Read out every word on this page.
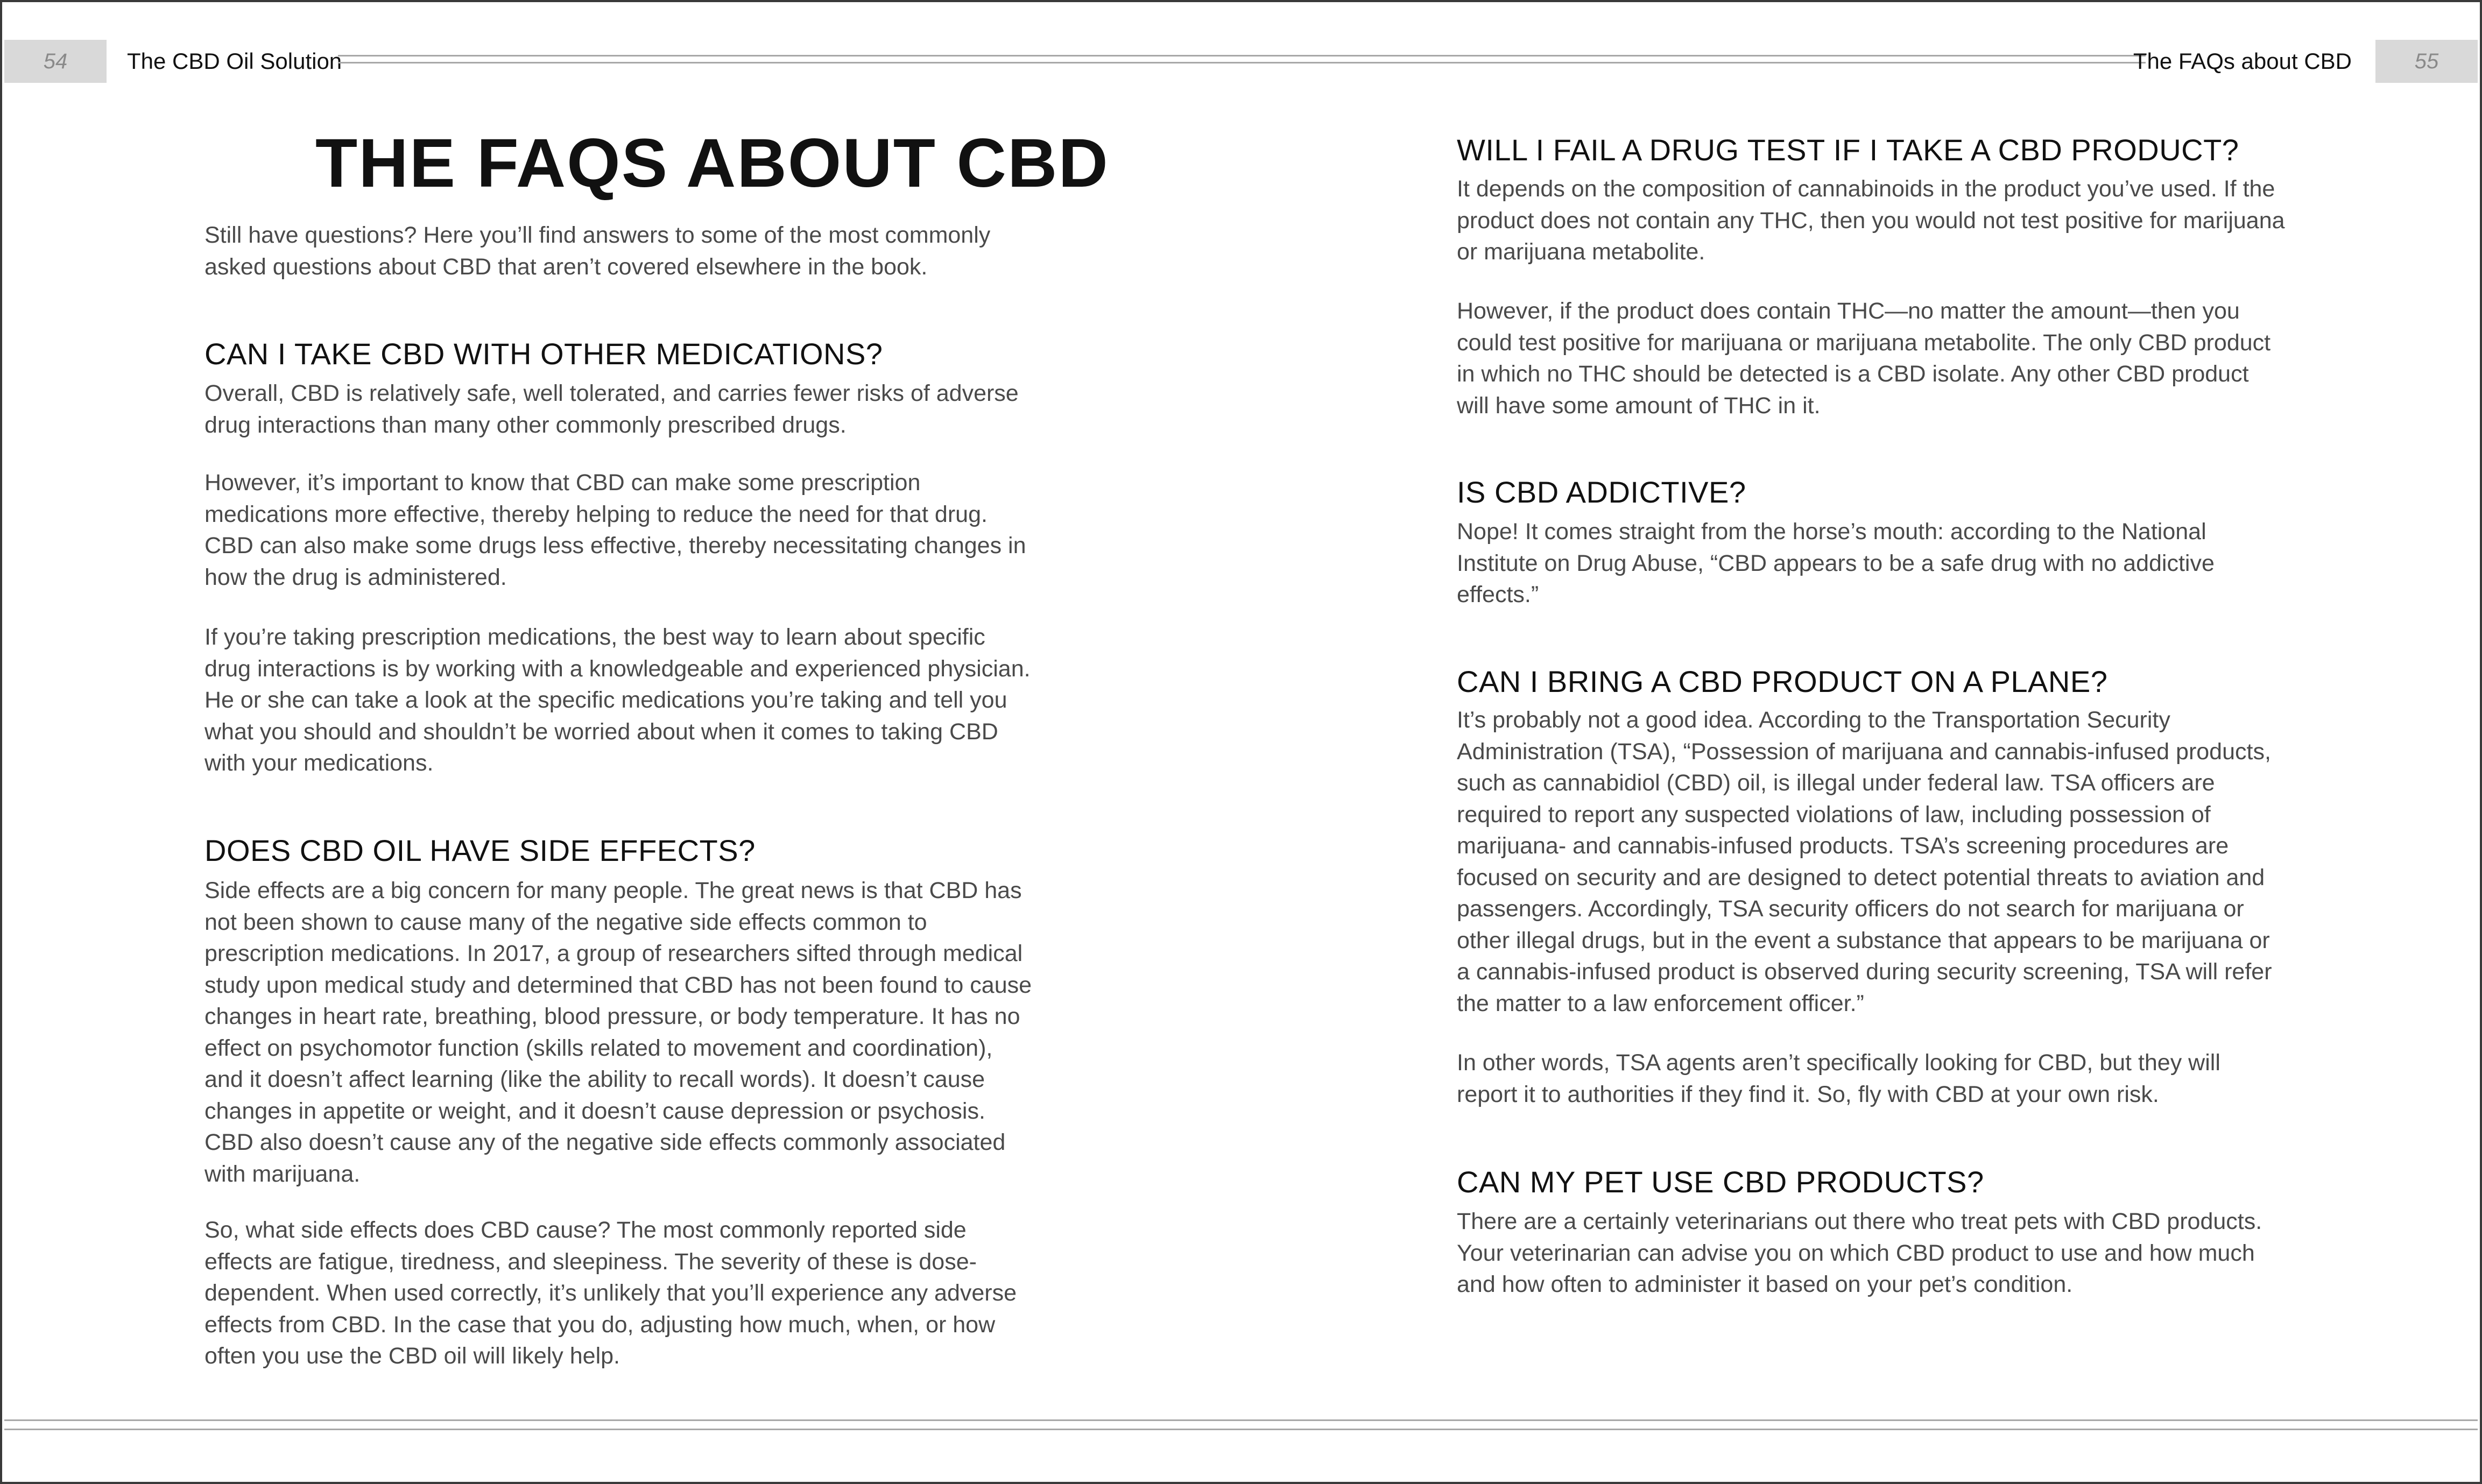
54	The CBD Oil Solution	The FAQs about CBD	55
THE FAQS ABOUT CBD

Still have questions? Here you’ll find answers to some of the most commonly asked questions about CBD that aren’t covered elsewhere in the book.

CAN I TAKE CBD WITH OTHER MEDICATIONS?

Overall, CBD is relatively safe, well tolerated, and carries fewer risks of adverse drug interactions than many other commonly prescribed drugs.

However, it’s important to know that CBD can make some prescription medications more effective, thereby helping to reduce the need for that drug. CBD can also make some drugs less effective, thereby necessitating changes in how the drug is administered.

If you’re taking prescription medications, the best way to learn about specific drug interactions is by working with a knowledgeable and experienced physician. He or she can take a look at the specific medications you’re taking and tell you what you should and shouldn’t be worried about when it comes to taking CBD with your medications.

DOES CBD OIL HAVE SIDE EFFECTS?

Side effects are a big concern for many people. The great news is that CBD has not been shown to cause many of the negative side effects common to prescription medications. In 2017, a group of researchers sifted through medical study upon medical study and determined that CBD has not been found to cause changes in heart rate, breathing, blood pressure, or body temperature. It has no effect on psychomotor function (skills related to movement and coordination), and it doesn’t affect learning (like the ability to recall words). It doesn’t cause changes in appetite or weight, and it doesn’t cause depression or psychosis. CBD also doesn’t cause any of the negative side effects commonly associated with marijuana.

So, what side effects does CBD cause? The most commonly reported side effects are fatigue, tiredness, and sleepiness. The severity of these is dose-dependent. When used correctly, it’s unlikely that you’ll experience any adverse effects from CBD. In the case that you do, adjusting how much, when, or how often you use the CBD oil will likely help.

WILL I FAIL A DRUG TEST IF I TAKE A CBD PRODUCT?

It depends on the composition of cannabinoids in the product you’ve used. If the product does not contain any THC, then you would not test positive for marijuana or marijuana metabolite.

However, if the product does contain THC—no matter the amount—then you could test positive for marijuana or marijuana metabolite. The only CBD product in which no THC should be detected is a CBD isolate. Any other CBD product will have some amount of THC in it.

IS CBD ADDICTIVE?

Nope! It comes straight from the horse’s mouth: according to the National Institute on Drug Abuse, “CBD appears to be a safe drug with no addictive effects.”

CAN I BRING A CBD PRODUCT ON A PLANE?

It’s probably not a good idea. According to the Transportation Security Administration (TSA), “Possession of marijuana and cannabis-infused products, such as cannabidiol (CBD) oil, is illegal under federal law. TSA officers are required to report any suspected violations of law, including possession of marijuana- and cannabis-infused products. TSA’s screening procedures are focused on security and are designed to detect potential threats to aviation and passengers. Accordingly, TSA security officers do not search for marijuana or other illegal drugs, but in the event a substance that appears to be marijuana or a cannabis-infused product is observed during security screening, TSA will refer the matter to a law enforcement officer.”

In other words, TSA agents aren’t specifically looking for CBD, but they will report it to authorities if they find it. So, fly with CBD at your own risk.

CAN MY PET USE CBD PRODUCTS?

There are a certainly veterinarians out there who treat pets with CBD products. Your veterinarian can advise you on which CBD product to use and how much and how often to administer it based on your pet’s condition.
